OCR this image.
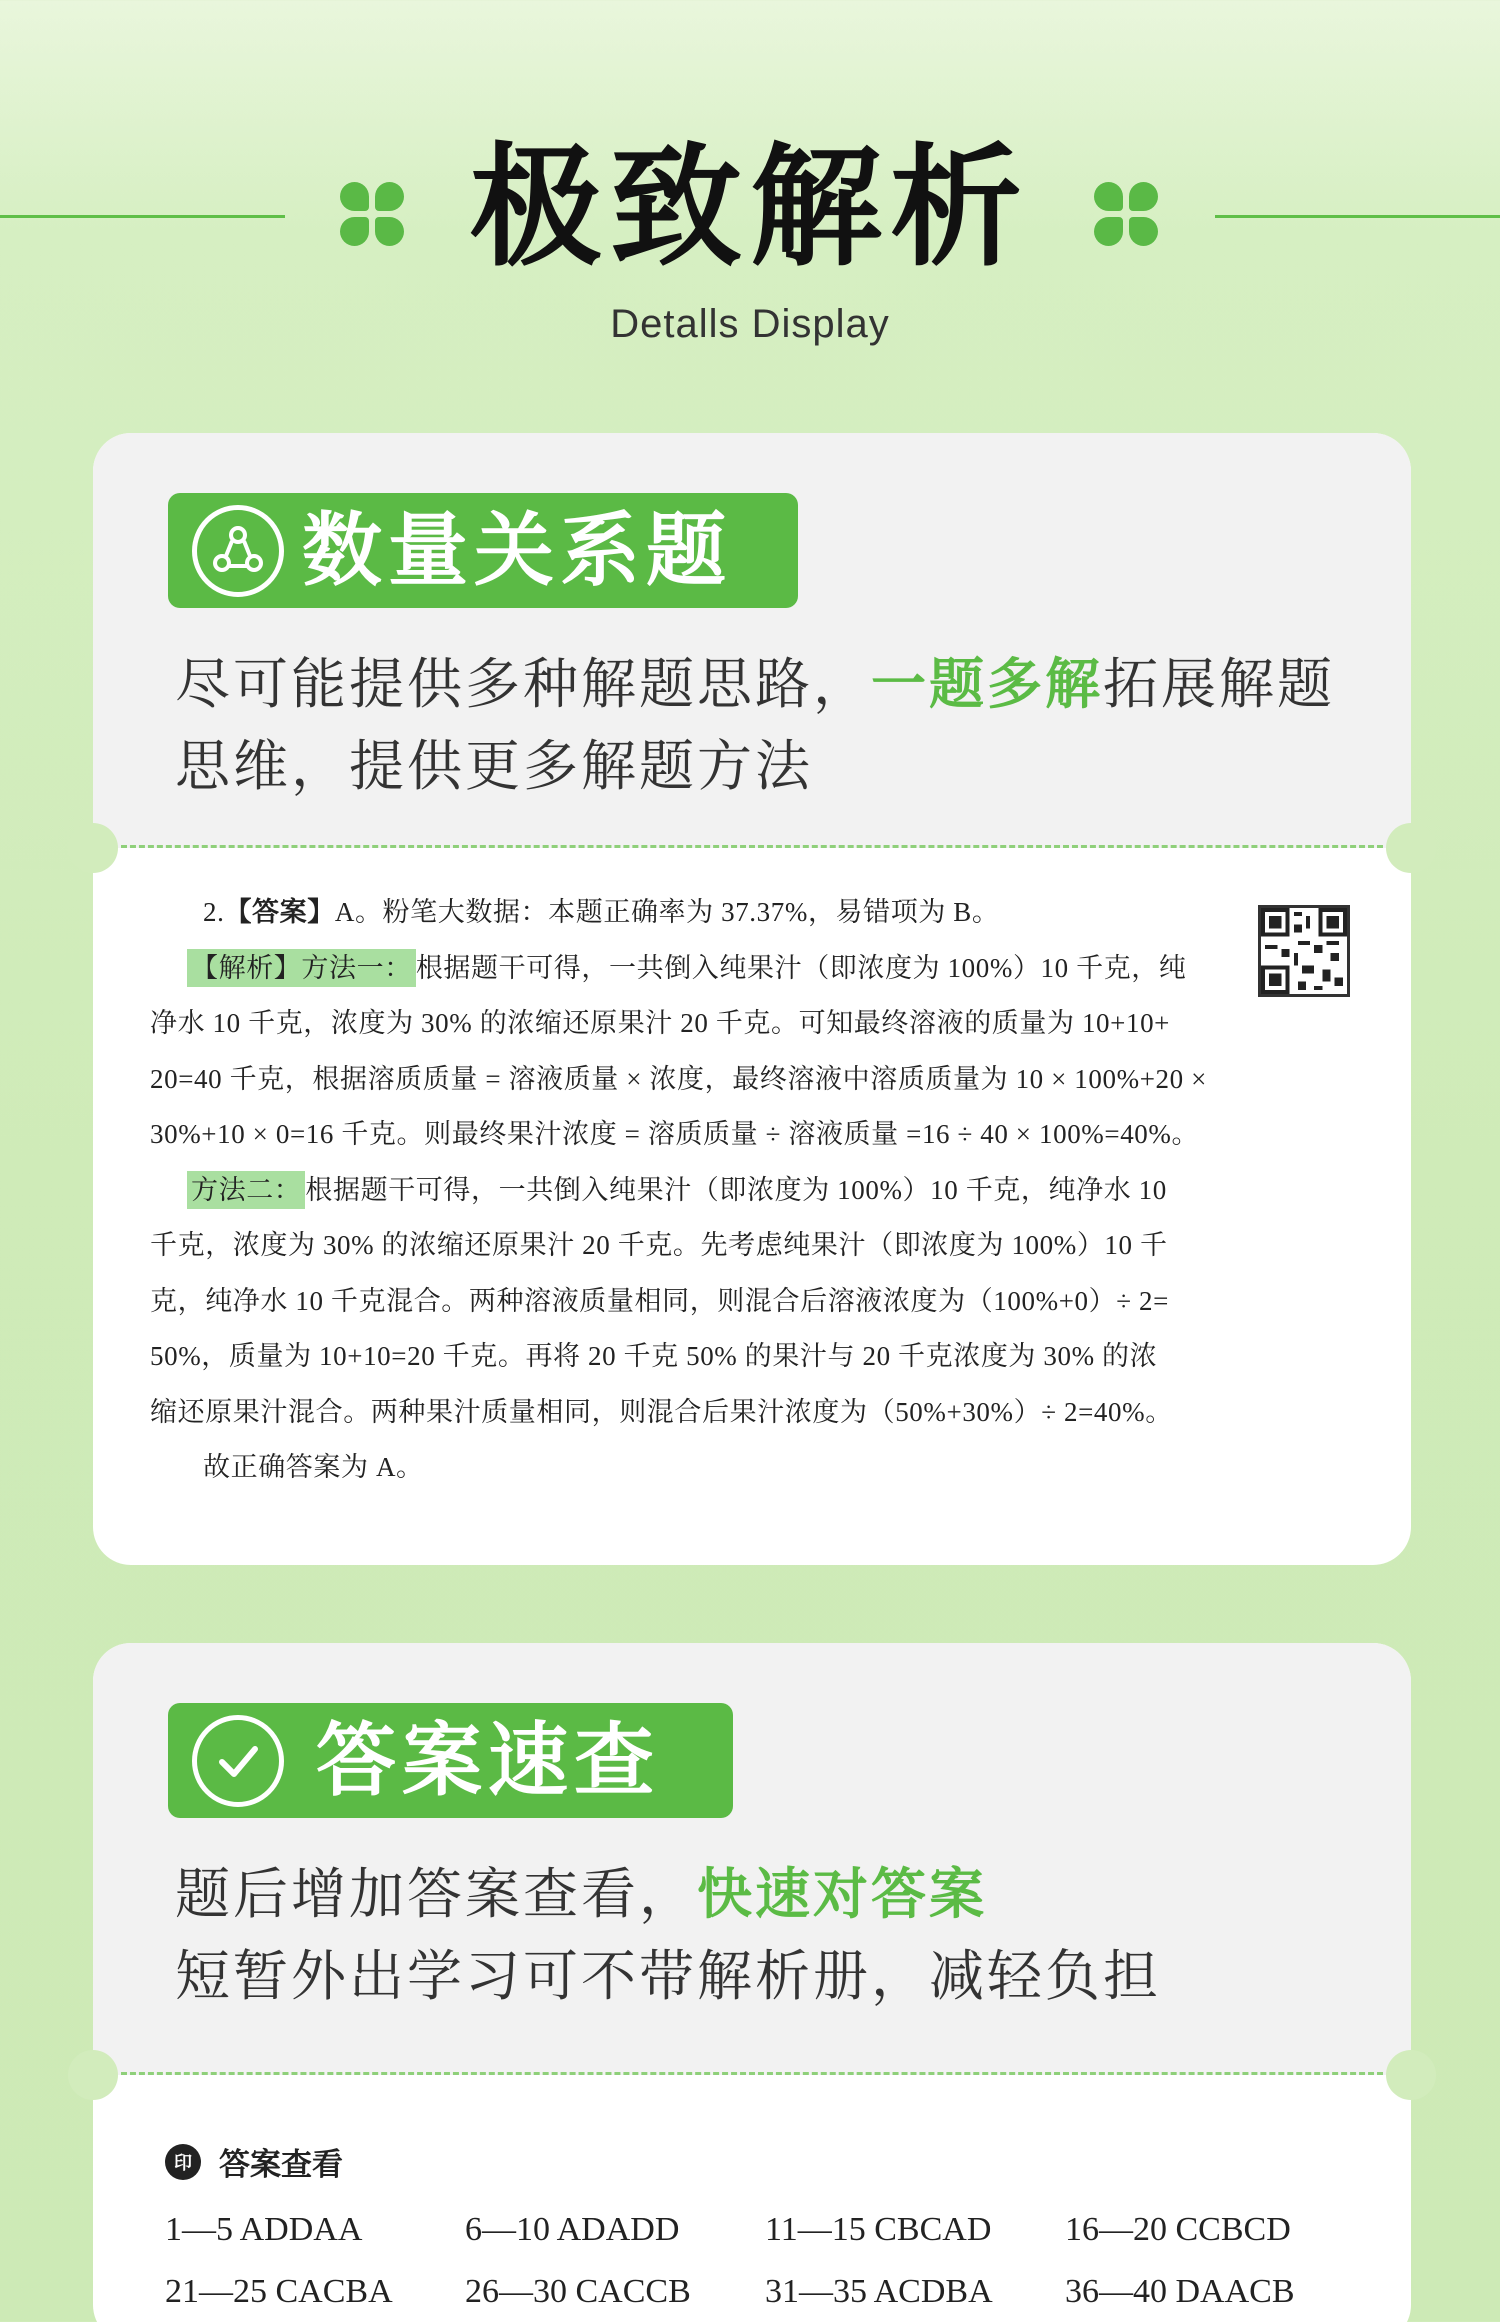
极致解析
Detalls Display
数量关系题
尽可能提供多种解题思路，一题多解拓展解题
思维，提供更多解题方法
2.【答案】A。粉笔大数据：本题正确率为 37.37%，易错项为 B。
【解析】方法一： 根据题干可得，一共倒入纯果汁（即浓度为 100%）10 千克，纯
净水 10 千克，浓度为 30% 的浓缩还原果汁 20 千克。可知最终溶液的质量为 10+10+
20=40 千克，根据溶质质量 = 溶液质量 × 浓度，最终溶液中溶质质量为 10 × 100%+20 ×
30%+10 × 0=16 千克。则最终果汁浓度 = 溶质质量 ÷ 溶液质量 =16 ÷ 40 × 100%=40%。
方法二： 根据题干可得，一共倒入纯果汁（即浓度为 100%）10 千克，纯净水 10
千克，浓度为 30% 的浓缩还原果汁 20 千克。先考虑纯果汁（即浓度为 100%）10 千
克，纯净水 10 千克混合。两种溶液质量相同，则混合后溶液浓度为（100%+0）÷ 2=
50%，质量为 10+10=20 千克。再将 20 千克 50% 的果汁与 20 千克浓度为 30% 的浓
缩还原果汁混合。两种果汁质量相同，则混合后果汁浓度为（50%+30%）÷ 2=40%。
故正确答案为 A。
答案速查
题后增加答案查看，快速对答案
短暂外出学习可不带解析册，减轻负担
印 答案查看
1—5 ADDAA	6—10 ADADD	11—15 CBCAD 16—20 CCBCD
21—25 CACBA 26—30 CACCB 31—35 ACDBA 36—40 DAACB
